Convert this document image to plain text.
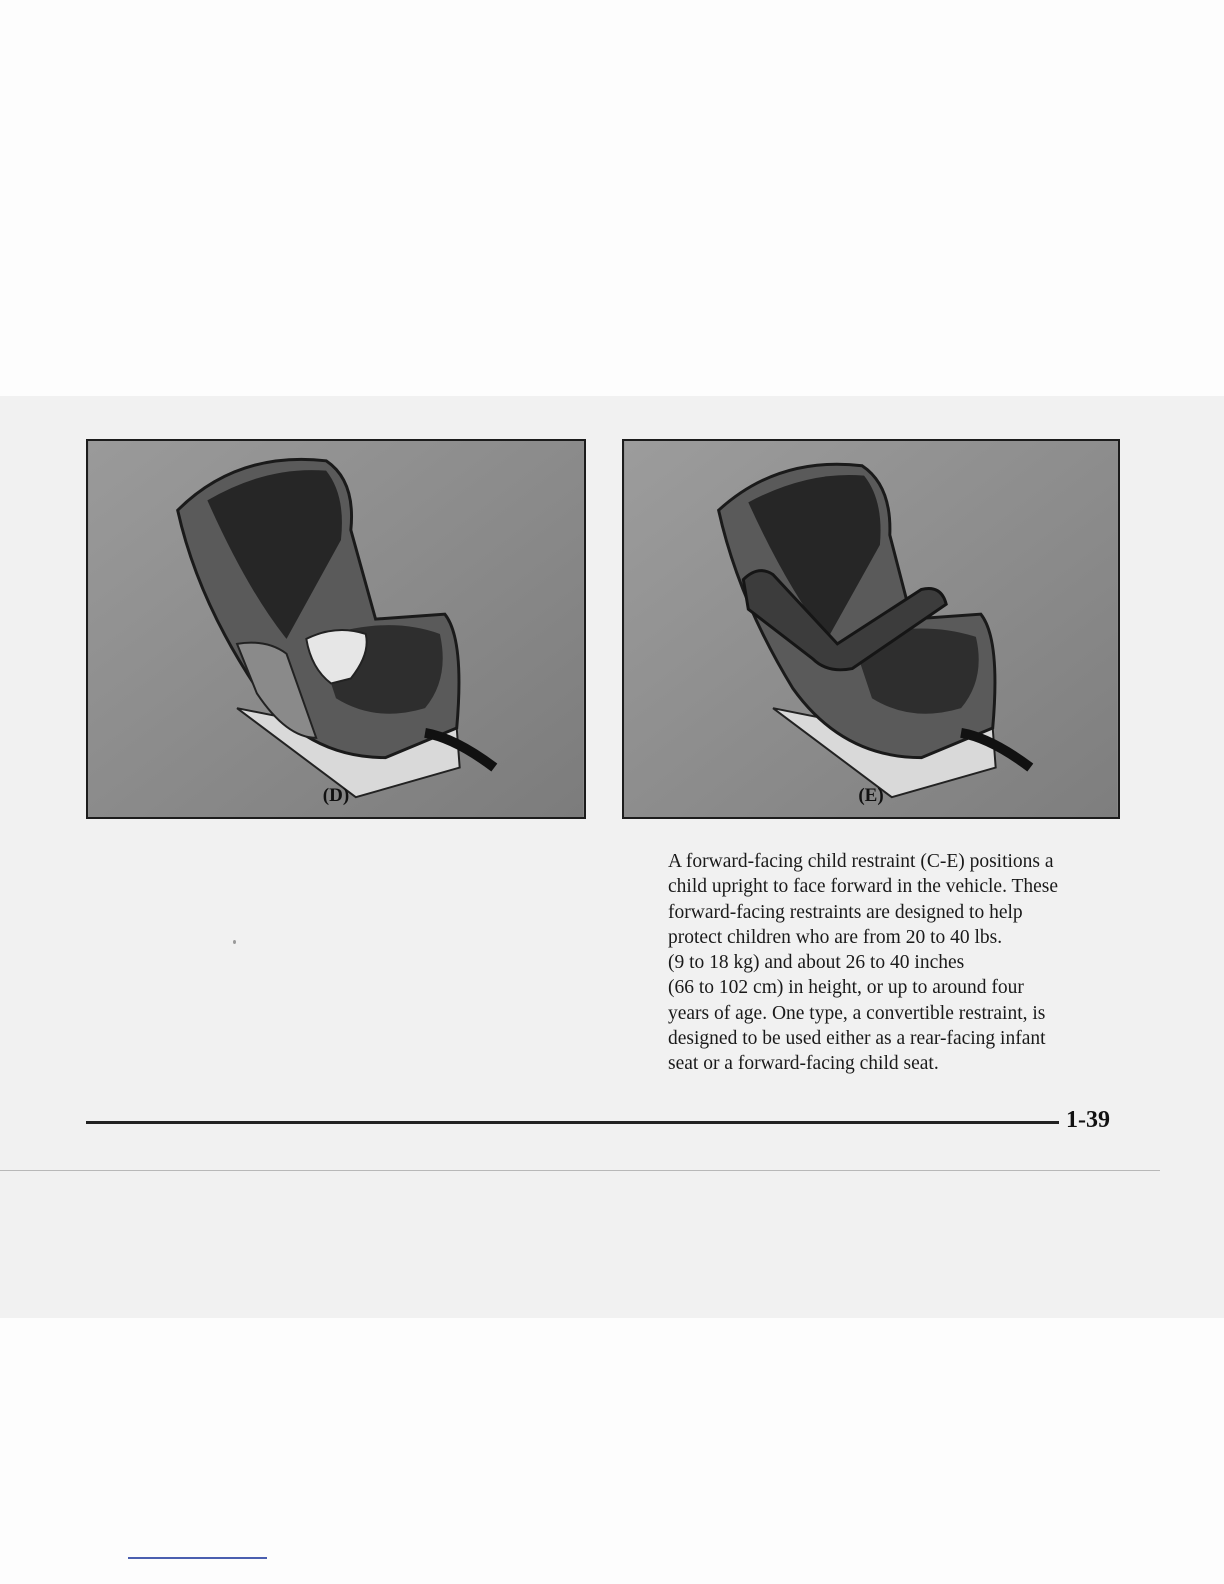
(D)	(E)

A forward-facing child restraint (C-E) positions a

child upright to face forward in the vehicle. These

forward-facing restraints are designed to help

protect children who are from 20 to 40 lbs.

(9 to 18 kg) and about 26 to 40 inches

(66 to 102 cm) in height, or up to around four

years of age. One type, a convertible restraint, is

designed to be used either as a rear-facing infant

seat or a forward-facing child seat.

1-39
